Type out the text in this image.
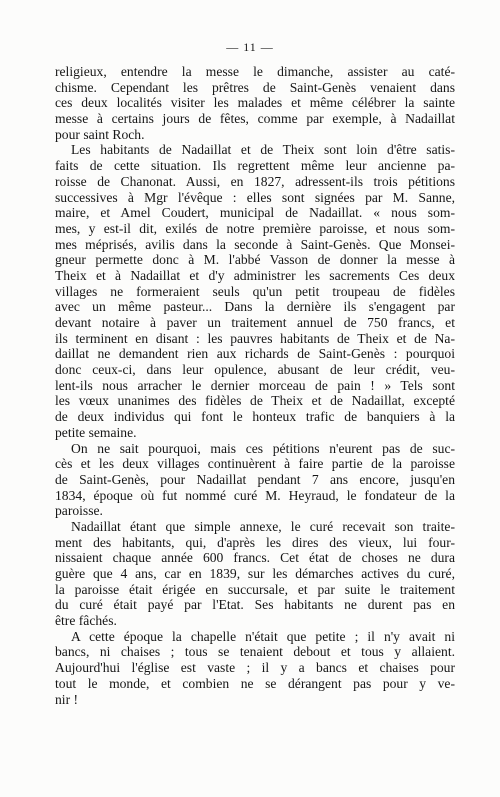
— 11 —
religieux, entendre la messe le dimanche, assister au caté-
chisme. Cependant les prêtres de Saint-Genès venaient dans
ces deux localités visiter les malades et même célébrer la sainte
messe à certains jours de fêtes, comme par exemple, à Nadaillat
pour saint Roch.
Les habitants de Nadaillat et de Theix sont loin d'être satis-
faits de cette situation. Ils regrettent même leur ancienne pa-
roisse de Chanonat. Aussi, en 1827, adressent-ils trois pétitions
successives à Mgr l'évêque : elles sont signées par M. Sanne,
maire, et Amel Coudert, municipal de Nadaillat. « nous som-
mes, y est-il dit, exilés de notre première paroisse, et nous som-
mes méprisés, avilis dans la seconde à Saint-Genès. Que Monsei-
gneur permette donc à M. l'abbé Vasson de donner la messe à
Theix et à Nadaillat et d'y administrer les sacrements Ces deux
villages ne formeraient seuls qu'un petit troupeau de fidèles
avec un même pasteur... Dans la dernière ils s'engagent par
devant notaire à paver un traitement annuel de 750 francs, et
ils terminent en disant : les pauvres habitants de Theix et de Na-
daillat ne demandent rien aux richards de Saint-Genès : pourquoi
donc ceux-ci, dans leur opulence, abusant de leur crédit, veu-
lent-ils nous arracher le dernier morceau de pain ! » Tels sont
les vœux unanimes des fidèles de Theix et de Nadaillat, excepté
de deux individus qui font le honteux trafic de banquiers à la
petite semaine.
On ne sait pourquoi, mais ces pétitions n'eurent pas de suc-
cès et les deux villages continuèrent à faire partie de la paroisse
de Saint-Genès, pour Nadaillat pendant 7 ans encore, jusqu'en
1834, époque où fut nommé curé M. Heyraud, le fondateur de la
paroisse.
Nadaillat étant que simple annexe, le curé recevait son traite-
ment des habitants, qui, d'après les dires des vieux, lui four-
nissaient chaque année 600 francs. Cet état de choses ne dura
guère que 4 ans, car en 1839, sur les démarches actives du curé,
la paroisse était érigée en succursale, et par suite le traitement
du curé était payé par l'Etat. Ses habitants ne durent pas en
être fâchés.
A cette époque la chapelle n'était que petite ; il n'y avait ni
bancs, ni chaises ; tous se tenaient debout et tous y allaient.
Aujourd'hui l'église est vaste ; il y a bancs et chaises pour
tout le monde, et combien ne se dérangent pas pour y ve-
nir !
